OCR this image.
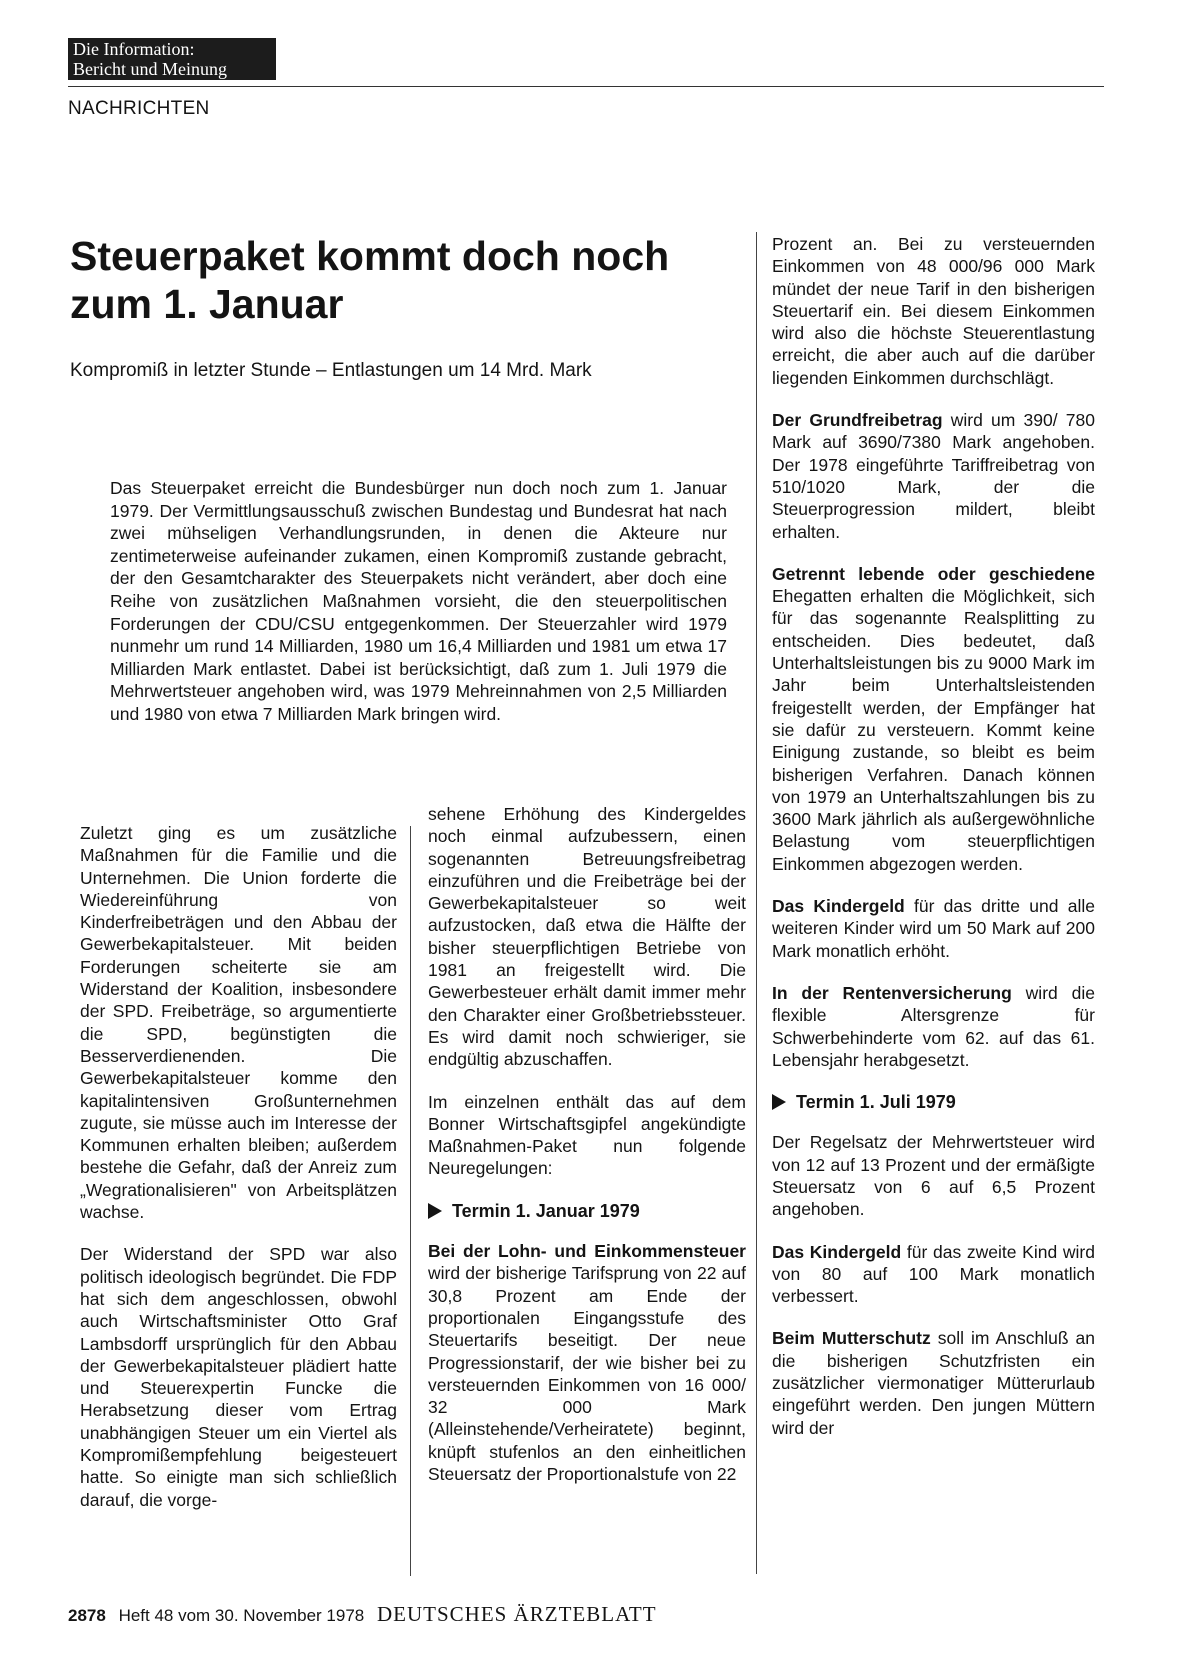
Die Information:
Bericht und Meinung
NACHRICHTEN
Steuerpaket kommt doch noch zum 1. Januar
Kompromiß in letzter Stunde – Entlastungen um 14 Mrd. Mark

Das Steuerpaket erreicht die Bundesbürger nun doch noch zum 1. Januar 1979. Der Vermittlungsausschuß zwischen Bundestag und Bundesrat hat nach zwei mühseligen Verhandlungsrunden, in denen die Akteure nur zentimeterweise aufeinander zukamen, einen Kompromiß zustande gebracht, der den Gesamtcharakter des Steuerpakets nicht verändert, aber doch eine Reihe von zusätzlichen Maßnahmen vorsieht, die den steuerpolitischen Forderungen der CDU/CSU entgegenkommen. Der Steuerzahler wird 1979 nunmehr um rund 14 Milliarden, 1980 um 16,4 Milliarden und 1981 um etwa 17 Milliarden Mark entlastet. Dabei ist berücksichtigt, daß zum 1. Juli 1979 die Mehrwertsteuer angehoben wird, was 1979 Mehreinnahmen von 2,5 Milliarden und 1980 von etwa 7 Milliarden Mark bringen wird.

Zuletzt ging es um zusätzliche Maßnahmen für die Familie und die Unternehmen. Die Union forderte die Wiedereinführung von Kinderfreibeträgen und den Abbau der Gewerbekapitalsteuer. Mit beiden Forderungen scheiterte sie am Widerstand der Koalition, insbesondere der SPD. Freibeträge, so argumentierte die SPD, begünstigten die Besserverdienenden. Die Gewerbekapitalsteuer komme den kapitalintensiven Großunternehmen zugute, sie müsse auch im Interesse der Kommunen erhalten bleiben; außerdem bestehe die Gefahr, daß der Anreiz zum „Wegrationalisieren" von Arbeitsplätzen wachse.

Der Widerstand der SPD war also politisch ideologisch begründet. Die FDP hat sich dem angeschlossen, obwohl auch Wirtschaftsminister Otto Graf Lambsdorff ursprünglich für den Abbau der Gewerbekapitalsteuer plädiert hatte und Steuerexpertin Funcke die Herabsetzung dieser vom Ertrag unabhängigen Steuer um ein Viertel als Kompromißempfehlung beigesteuert hatte. So einigte man sich schließlich darauf, die vorge-

sehene Erhöhung des Kindergeldes noch einmal aufzubessern, einen sogenannten Betreuungsfreibetrag einzuführen und die Freibeträge bei der Gewerbekapitalsteuer so weit aufzustocken, daß etwa die Hälfte der bisher steuerpflichtigen Betriebe von 1981 an freigestellt wird. Die Gewerbesteuer erhält damit immer mehr den Charakter einer Großbetriebssteuer. Es wird damit noch schwieriger, sie endgültig abzuschaffen.

Im einzelnen enthält das auf dem Bonner Wirtschaftsgipfel angekündigte Maßnahmen-Paket nun folgende Neuregelungen:

Termin 1. Januar 1979

Bei der Lohn- und Einkommensteuer wird der bisherige Tarifsprung von 22 auf 30,8 Prozent am Ende der proportionalen Eingangsstufe des Steuertarifs beseitigt. Der neue Progressionstarif, der wie bisher bei zu versteuernden Einkommen von 16 000/ 32 000 Mark (Alleinstehende/Verheiratete) beginnt, knüpft stufenlos an den einheitlichen Steuersatz der Proportionalstufe von 22

Prozent an. Bei zu versteuernden Einkommen von 48 000/96 000 Mark mündet der neue Tarif in den bisherigen Steuertarif ein. Bei diesem Einkommen wird also die höchste Steuerentlastung erreicht, die aber auch auf die darüber liegenden Einkommen durchschlägt.

Der Grundfreibetrag wird um 390/ 780 Mark auf 3690/7380 Mark angehoben. Der 1978 eingeführte Tariffreibetrag von 510/1020 Mark, der die Steuerprogression mildert, bleibt erhalten.

Getrennt lebende oder geschiedene Ehegatten erhalten die Möglichkeit, sich für das sogenannte Realsplitting zu entscheiden. Dies bedeutet, daß Unterhaltsleistungen bis zu 9000 Mark im Jahr beim Unterhaltsleistenden freigestellt werden, der Empfänger hat sie dafür zu versteuern. Kommt keine Einigung zustande, so bleibt es beim bisherigen Verfahren. Danach können von 1979 an Unterhaltszahlungen bis zu 3600 Mark jährlich als außergewöhnliche Belastung vom steuerpflichtigen Einkommen abgezogen werden.

Das Kindergeld für das dritte und alle weiteren Kinder wird um 50 Mark auf 200 Mark monatlich erhöht.

In der Rentenversicherung wird die flexible Altersgrenze für Schwerbehinderte vom 62. auf das 61. Lebensjahr herabgesetzt.

Termin 1. Juli 1979

Der Regelsatz der Mehrwertsteuer wird von 12 auf 13 Prozent und der ermäßigte Steuersatz von 6 auf 6,5 Prozent angehoben.

Das Kindergeld für das zweite Kind wird von 80 auf 100 Mark monatlich verbessert.

Beim Mutterschutz soll im Anschluß an die bisherigen Schutzfristen ein zusätzlicher viermonatiger Mütterurlaub eingeführt werden. Den jungen Müttern wird der

2878 Heft 48 vom 30. November 1978 DEUTSCHES ÄRZTEBLATT
